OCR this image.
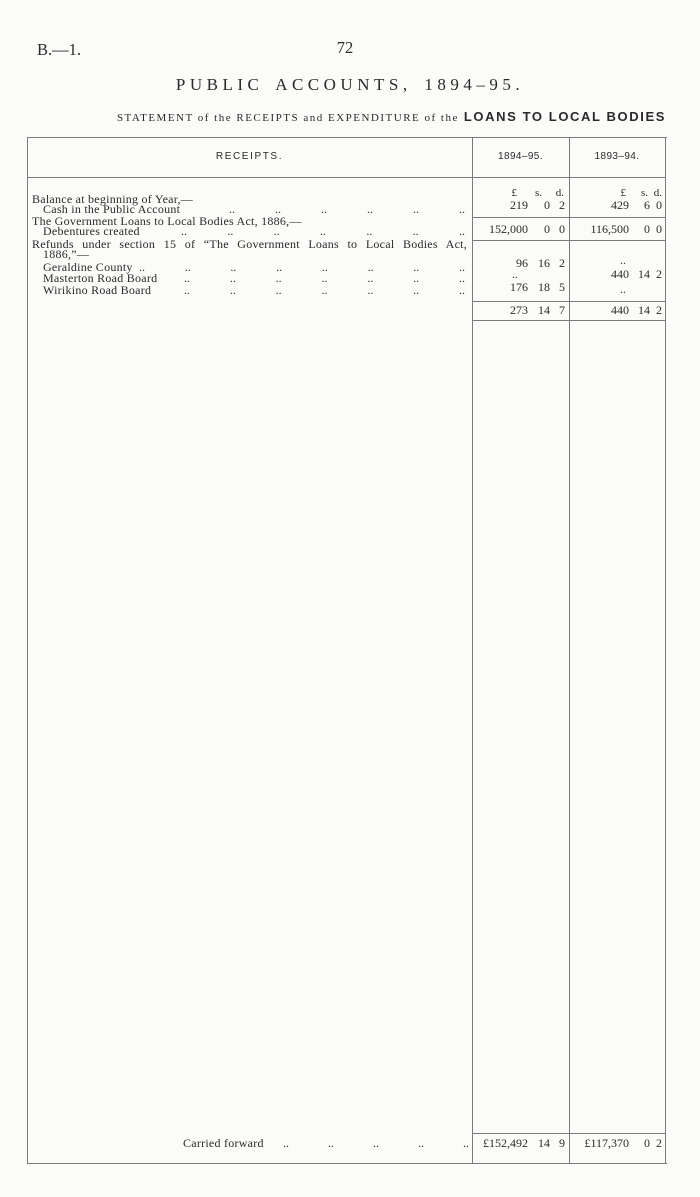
B.—1.	72
PUBLIC ACCOUNTS, 1894–95.
STATEMENT of the RECEIPTS and EXPENDITURE of the LOANS TO LOCAL BODIES
RECEIPTS.	1894–95.	1893–94.
£	s.	d.	£	s. d.
Balance at beginning of Year,—
Cash in the Public Account	.. .. .. .. .. ..	219	0 2	429	6 0
The Government Loans to Local Bodies Act, 1886,—
Debentures created	.. .. .. .. .. .. ..	152,000	0 0	116,500	0 0
Refunds under section 15 of “The Government Loans to Local Bodies Act,
1886,”—
Geraldine County .. .. .. .. .. .. .. ..	96 16 2	..
Masterton Road Board .. .. .. .. .. .. ..	..	440 14 2
Wirikino Road Board	.. .. .. .. .. .. ..	176 18 5	..
273 14 7	440 14 2
Carried forward .. .. .. .. ..	£152,492 14 9	£117,370	0 2
